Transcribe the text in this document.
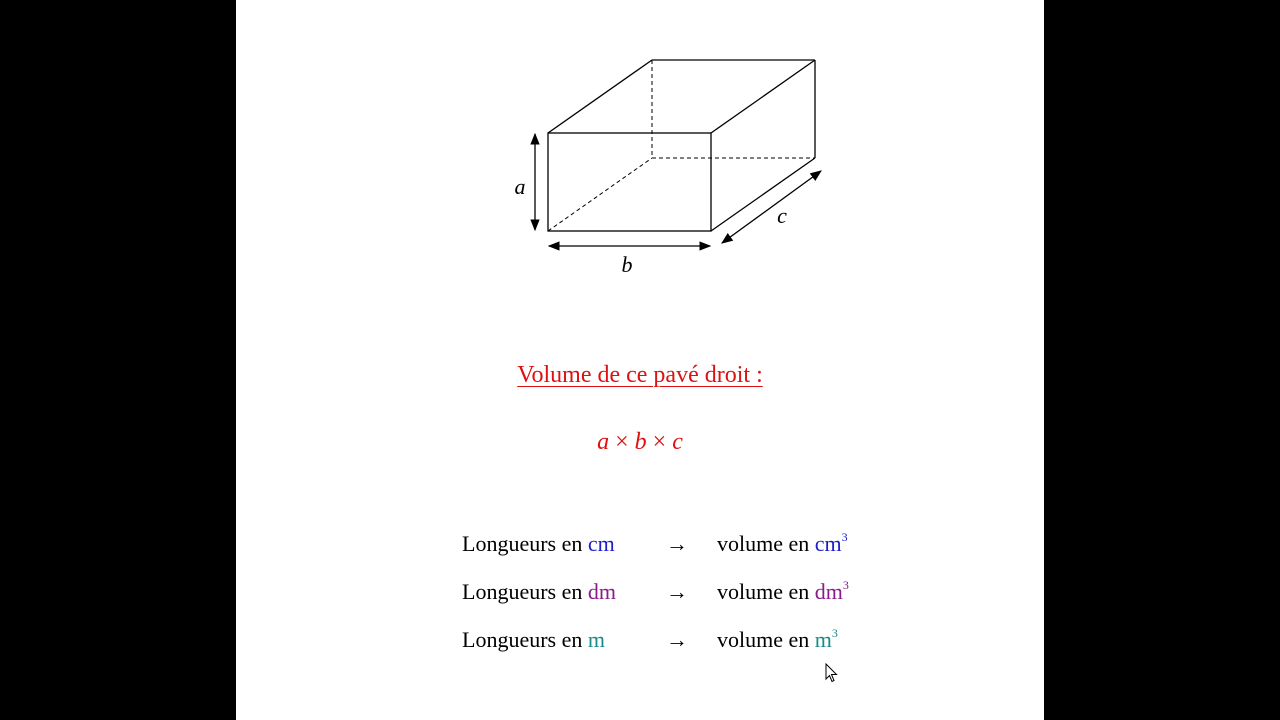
a
b
c
Volume de ce pavé droit :
a × b × c
Longueurs en cm → volume en $cm^3$
Longueurs en dm → volume en $dm^3$
Longueurs en m	→ volume en $m^3$
